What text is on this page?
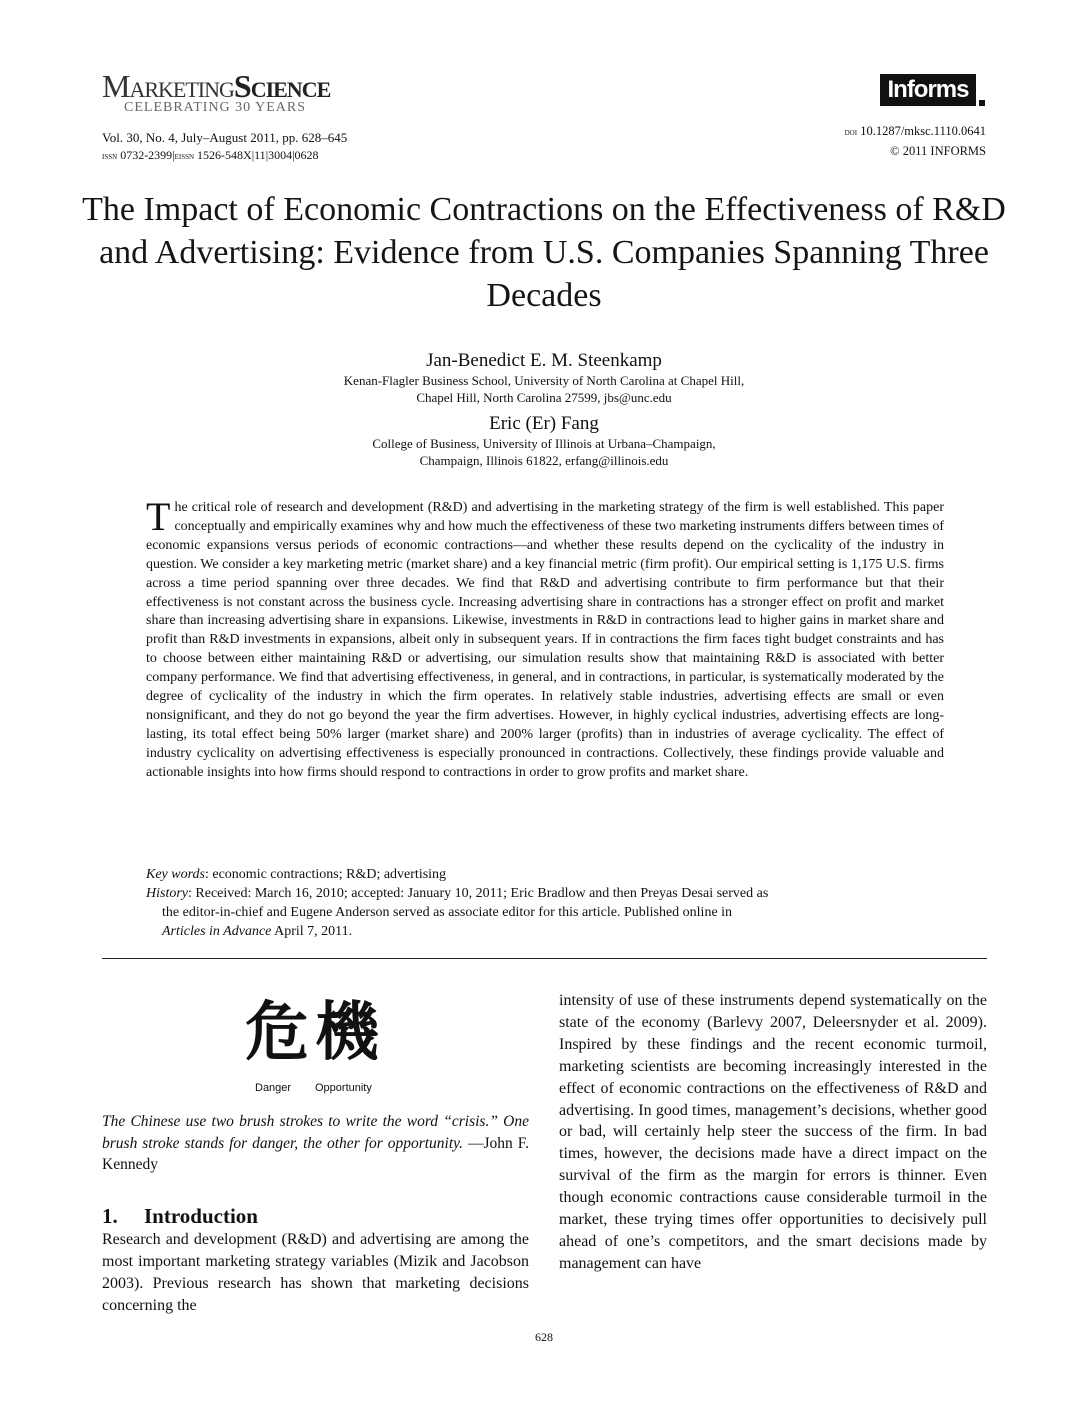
MarketingScience
CELEBRATING 30 YEARS
Vol. 30, No. 4, July–August 2011, pp. 628–645
issn 0732-2399|eissn 1526-548X|11|3004|0628
Informs
doi 10.1287/mksc.1110.0641
© 2011 INFORMS
The Impact of Economic Contractions on the Effectiveness of R&D and Advertising: Evidence from U.S. Companies Spanning Three Decades
Jan-Benedict E. M. Steenkamp
Kenan-Flagler Business School, University of North Carolina at Chapel Hill,
Chapel Hill, North Carolina 27599, jbs@unc.edu
Eric (Er) Fang
College of Business, University of Illinois at Urbana–Champaign,
Champaign, Illinois 61822, erfang@illinois.edu
The critical role of research and development (R&D) and advertising in the marketing strategy of the firm is well established. This paper conceptually and empirically examines why and how much the effectiveness of these two marketing instruments differs between times of economic expansions versus periods of economic contractions—and whether these results depend on the cyclicality of the industry in question. We consider a key marketing metric (market share) and a key financial metric (firm profit). Our empirical setting is 1,175 U.S. firms across a time period spanning over three decades. We find that R&D and advertising contribute to firm performance but that their effectiveness is not constant across the business cycle. Increasing advertising share in contractions has a stronger effect on profit and market share than increasing advertising share in expansions. Likewise, investments in R&D in contractions lead to higher gains in market share and profit than R&D investments in expansions, albeit only in subsequent years. If in contractions the firm faces tight budget constraints and has to choose between either maintaining R&D or advertising, our simulation results show that maintaining R&D is associated with better company performance. We find that advertising effectiveness, in general, and in contractions, in particular, is systematically moderated by the degree of cyclicality of the industry in which the firm operates. In relatively stable industries, advertising effects are small or even nonsignificant, and they do not go beyond the year the firm advertises. However, in highly cyclical industries, advertising effects are long-lasting, its total effect being 50% larger (market share) and 200% larger (profits) than in industries of average cyclicality. The effect of industry cyclicality on advertising effectiveness is especially pronounced in contractions. Collectively, these findings provide valuable and actionable insights into how firms should respond to contractions in order to grow profits and market share.
Key words: economic contractions; R&D; advertising
History: Received: March 16, 2010; accepted: January 10, 2011; Eric Bradlow and then Preyas Desai served as
the editor-in-chief and Eugene Anderson served as associate editor for this article. Published online in
Articles in Advance April 7, 2011.
危機
Danger Opportunity
The Chinese use two brush strokes to write the word “crisis.” One brush stroke stands for danger, the other for opportunity. —John F. Kennedy
1. Introduction
Research and development (R&D) and advertising are among the most important marketing strategy variables (Mizik and Jacobson 2003). Previous research has shown that marketing decisions concerning the
intensity of use of these instruments depend systematically on the state of the economy (Barlevy 2007, Deleersnyder et al. 2009). Inspired by these findings and the recent economic turmoil, marketing scientists are becoming increasingly interested in the effect of economic contractions on the effectiveness of R&D and advertising. In good times, management’s decisions, whether good or bad, will certainly help steer the success of the firm. In bad times, however, the decisions made have a direct impact on the survival of the firm as the margin for errors is thinner. Even though economic contractions cause considerable turmoil in the market, these trying times offer opportunities to decisively pull ahead of one’s competitors, and the smart decisions made by management can have
628
